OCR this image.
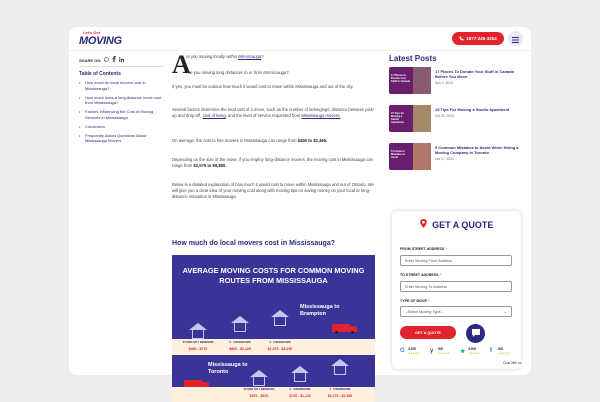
Let's Get
MOVING	1877-245-3254
SHARE ON:
Table of Contents
• How much do local movers cost in Mississauga?
• How much does a long-distance move cost from Mississauga?
• Factors Influencing the Cost of Moving Services in Mississauga
• Conclusion
• Frequently Asked Questions About Mississauga Movers
A
re you moving locally within Mississauga?
Are you moving long distances to or from Mississauga?
If yes, you must be curious how much it would cost to move within Mississauga and out of the city.
Several factors determine the total cost of a move, such as the number of belongings, distance between pick-up and drop-off, cost of living, and the level of service requested from Mississauga movers.
On average, the cost to hire movers in Mississauga can range from $450 to $2,465.
Depending on the size of the move, if you employ long-distance movers, the moving cost in Mississauga can range from $2,575 to $9,850.
Below is a detailed explanation of how much it would cost to move within Mississauga and out of Ontario. We will give you a clear idea of your moving cost along with moving tips on saving money on your local or long-distance relocation in Mississauga.
How much do local movers cost in Mississauga?
AVERAGE MOVING COSTS FOR COMMON MOVING ROUTES FROM MISSISSAUGA
Mississauga to Brampton
STUDIO OR 1 BEDROOM	2 - 3 BEDROOMS	4 - 5 BEDROOMS
$450 - $770	$800 - $1,125	$1,075 - $2,150
Mississauga to Toronto
STUDIO OR 1 BEDROOM	2 - 3 BEDROOMS	4 - 5 BEDROOMS
$370 - $870	$725 - $1,130	$1,070 - $2,465
Latest Posts
17 Places to Donate Your Stuff in Canada
17 Places To Donate Your Stuff in Canada Before You Move
Nov 2, 2024
15 Tips for Moving a Studio Apartment
15 Tips For Moving a Studio Apartment
Oct 30, 2024
5 Common Mistakes to Avoid
5 Common Mistakes to Avoid When Hiring a Moving Company in Toronto
Oct 17, 2024
GET A QUOTE
FROM STREET ADDRESS *
Enter Moving From Address
TO STREET ADDRESS *
Enter Moving To Address
TYPE OF MOVE *
--Select Moving Type--	⌄
GET A QUOTE
G 4.9/5
★★★★★ y 5/5
★★★★★ ★ 4.9/5
★★★★★ f 5/5
★★★★★
Chat with us
